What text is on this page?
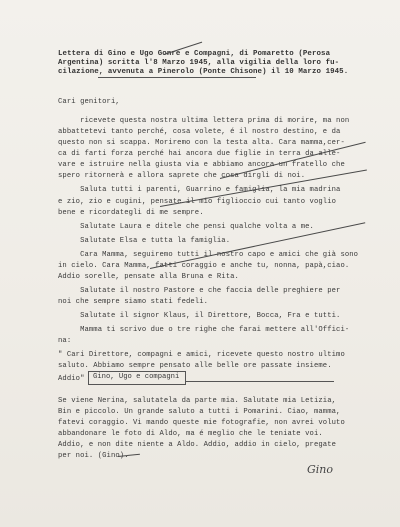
Lettera di Gino e Ugo Gonre e Compagni, di Pomaretto (Perosa
Argentina) scritta l'8 Marzo 1945, alla vigilia della loro fu-
cilazione, avvenuta a Pinerolo (Ponte Chisone) il 10 Marzo 1945.
Cari genitori,
ricevete questa nostra ultima lettera prima di morire, ma non
abbattetevi tanto perché, cosa volete, é il nostro destino, e da
questo non si scappa. Moriremo con la testa alta. Cara mamma,cer-
ca di farti forza perché hai ancora due figlie in terra da alle-
vare e istruire nella giusta via e abbiamo ancora un fratello che
spero ritornerà e allora saprete che cosa dirgli di noi.
Saluta tutti i parenti, Guarrino e famiglia, la mia madrina
e zio, zio e cugini, pensate il mio figlioccio cui tanto voglio
bene e ricordategli di me sempre.
Salutate Laura e ditele che pensi qualche volta a me.
Salutate Elsa e tutta la famiglia.
Cara Mamma, seguiremo tutti il nostro capo e amici che già sono
in cielo. Cara Mamma, fatti coraggio e anche tu, nonna, papà,ciao.
Addio sorelle, pensate alla Bruna e Rita.
Salutate il nostro Pastore e che faccia delle preghiere per
noi che sempre siamo stati fedeli.
Salutate il signor Klaus, il Direttore, Bocca, Fra e tutti.
Mamma ti scrivo due o tre righe che farai mettere all'Offici-
na:
" Cari Direttore, compagni e amici, ricevete questo nostro ultimo
saluto. Abbiamo sempre pensato alle belle ore passate insieme.
Addio" Gino, Ugo e compagni
Se viene Nerina, salutatela da parte mia. Salutate mia Letizia,
Bin e piccolo. Un grande saluto a tutti i Pomarini. Ciao, mamma,
fatevi coraggio. Vi mando queste mie fotografie, non avrei voluto
abbandonare le foto di Aldo, ma é meglio che le teniate voi.
Addio, e non dite niente a Aldo. Addio, addio in cielo, pregate
per noi. (Gino).
Gino
